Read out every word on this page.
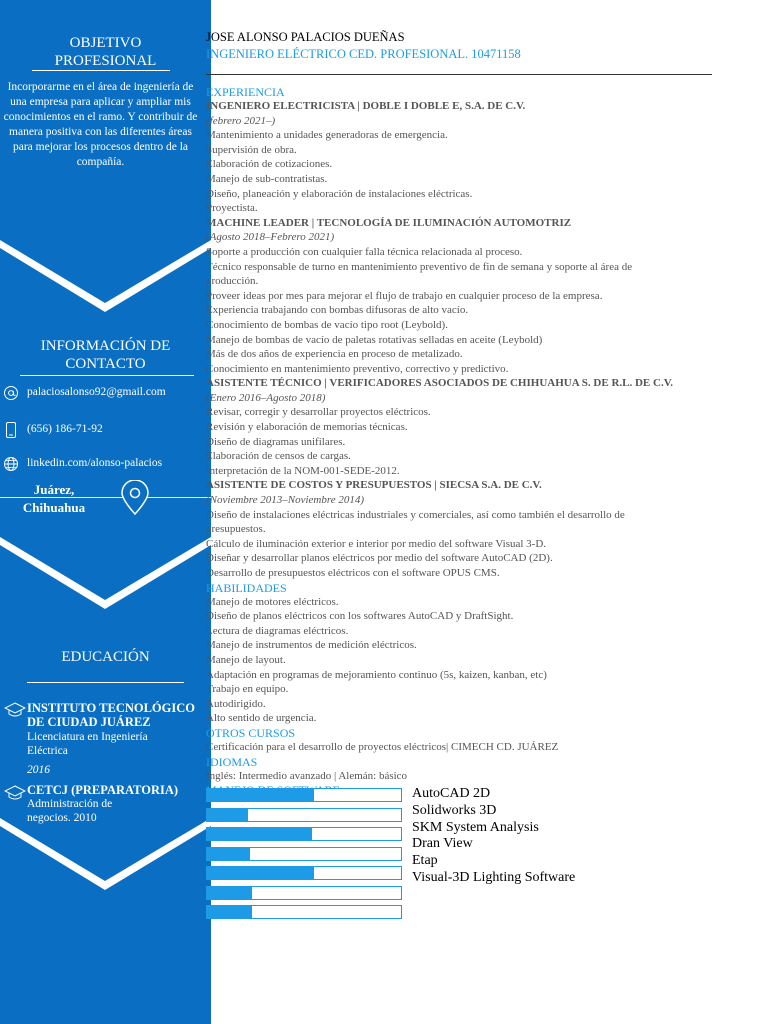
OBJETIVO
PROFESIONAL
Incorporarme en el área de ingeniería de una empresa para aplicar y ampliar mis conocimientos en el ramo. Y contribuir de manera positiva con las diferentes áreas para mejorar los procesos dentro de la compañía.
INFORMACIÓN DE
CONTACTO
palaciosalonso92@gmail.com
(656) 186-71-92
linkedin.com/alonso-palacios
Juárez,
Chihuahua
EDUCACIÓN
INSTITUTO TECNOLÓGICO
DE CIUDAD JUÁREZ
Licenciatura en Ingeniería
Eléctrica
2016
CETCJ (PREPARATORIA)
Administración de
negocios. 2010
JOSE ALONSO PALACIOS DUEÑAS
INGENIERO ELÉCTRICO CED. PROFESIONAL. 10471158
EXPERIENCIA
INGENIERO ELECTRICISTA | DOBLE I DOBLE E, S.A. DE C.V.
(febrero 2021–)
Mantenimiento a unidades generadoras de emergencia.
Supervisión de obra.
Elaboración de cotizaciones.
Manejo de sub-contratistas.
Diseño, planeación y elaboración de instalaciones eléctricas.
Proyectista.
MACHINE LEADER | TECNOLOGÍA DE ILUMINACIÓN AUTOMOTRIZ
(Agosto 2018–Febrero 2021)
Soporte a producción con cualquier falla técnica relacionada al proceso.
Técnico responsable de turno en mantenimiento preventivo de fin de semana y soporte al área de
producción.
Proveer ideas por mes para mejorar el flujo de trabajo en cualquier proceso de la empresa.
Experiencia trabajando con bombas difusoras de alto vacío.
Conocimiento de bombas de vacío tipo root (Leybold).
Manejo de bombas de vacío de paletas rotativas selladas en aceite (Leybold)
Más de dos años de experiencia en proceso de metalizado.
Conocimiento en mantenimiento preventivo, correctivo y predictivo.
ASISTENTE TÉCNICO | VERIFICADORES ASOCIADOS DE CHIHUAHUA S. DE R.L. DE C.V.
(Enero 2016–Agosto 2018)
Revisar, corregir y desarrollar proyectos eléctricos.
Revisión y elaboración de memorias técnicas.
Diseño de diagramas unifilares.
Elaboración de censos de cargas.
Interpretación de la NOM-001-SEDE-2012.
ASISTENTE DE COSTOS Y PRESUPUESTOS | SIECSA S.A. DE C.V.
(Noviembre 2013–Noviembre 2014)
Diseño de instalaciones eléctricas industriales y comerciales, así como también el desarrollo de
presupuestos.
Cálculo de iluminación exterior e interior por medio del software Visual 3-D.
Diseñar y desarrollar planos eléctricos por medio del software AutoCAD (2D).
Desarrollo de presupuestos eléctricos con el software OPUS CMS.
HABILIDADES
Manejo de motores eléctricos.
Diseño de planos eléctricos con los softwares AutoCAD y DraftSight.
Lectura de diagramas eléctricos.
Manejo de instrumentos de medición eléctricos.
Manejo de layout.
Adaptación en programas de mejoramiento continuo (5s, kaizen, kanban, etc)
Trabajo en equipo.
Autodirigido.
Alto sentido de urgencia.
OTROS CURSOS
Certificación para el desarrollo de proyectos eléctricos| CIMECH CD. JUÁREZ
IDIOMAS
Inglés: Intermedio avanzado | Alemán: básico
AutoCAD 2D
Solidworks 3D
SKM System Analysis
Dran View
Etap
Visual-3D Lighting Software
